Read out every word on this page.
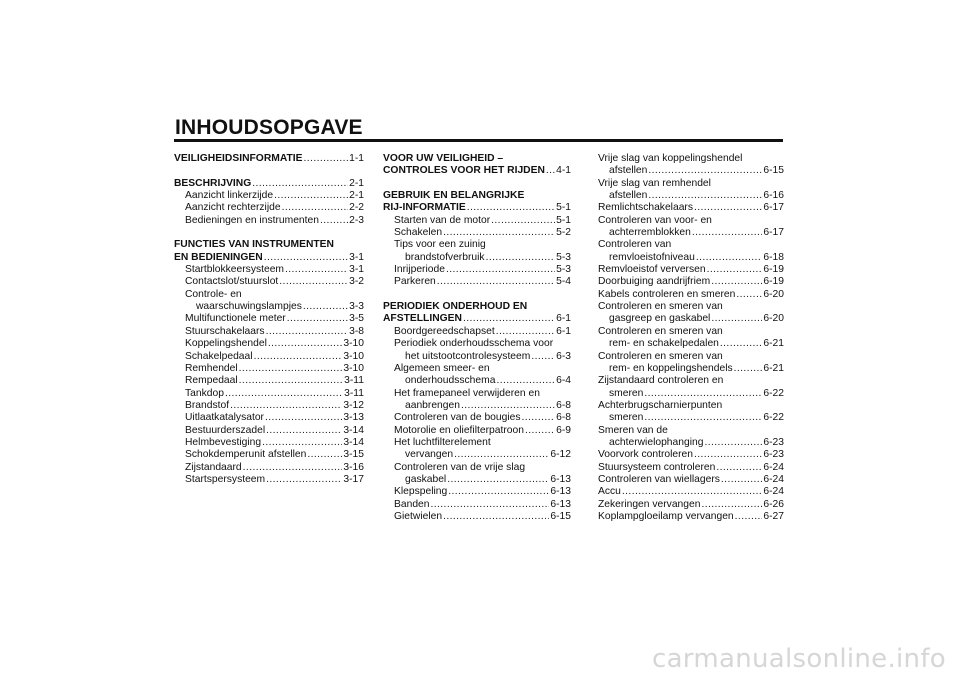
INHOUDSOPGAVE
VEILIGHEIDSINFORMATIE .....	1-1
BESCHRIJVING .....	2-1
Aanzicht linkerzijde .....	2-1
Aanzicht rechterzijde .....	2-2
Bedieningen en instrumenten .....	2-3
FUNCTIES VAN INSTRUMENTEN
EN BEDIENINGEN .....	3-1
Startblokkeersysteem .....	3-1
Contactslot/stuurslot .....	3-2
Controle- en
waarschuwingslampjes .....	3-3
Multifunctionele meter .....	3-5
Stuurschakelaars .....	3-8
Koppelingshendel .....	3-10
Schakelpedaal .....	3-10
Remhendel .....	3-10
Rempedaal .....	3-11
Tankdop .....	3-11
Brandstof .....	3-12
Uitlaatkatalysator .....	3-13
Bestuurderszadel .....	3-14
Helmbevestiging .....	3-14
Schokdemperunit afstellen .....	3-15
Zijstandaard .....	3-16
Startspersysteem .....	3-17
VOOR UW VEILIGHEID –
CONTROLES VOOR HET RIJDEN ..... 4-1
GEBRUIK EN BELANGRIJKE
RIJ-INFORMATIE .....	5-1
Starten van de motor .....	5-1
Schakelen .....	5-2
Tips voor een zuinig
brandstofverbruik .....	5-3
Inrijperiode .....	5-3
Parkeren .....	5-4
PERIODIEK ONDERHOUD EN
AFSTELLINGEN .....	6-1
Boordgereedschapset .....	6-1
Periodiek onderhoudsschema voor
het uitstootcontrolesysteem .....	6-3
Algemeen smeer- en
onderhoudsschema .....	6-4
Het framepaneel verwijderen en
aanbrengen .....	6-8
Controleren van de bougies .....	6-8
Motorolie en oliefilterpatroon .....	6-9
Het luchtfilterelement
vervangen .....	6-12
Controleren van de vrije slag
gaskabel .....	6-13
Klepspeling .....	6-13
Banden .....	6-13
Gietwielen .....	6-15
Vrije slag van koppelingshendel
afstellen .....	6-15
Vrije slag van remhendel
afstellen .....	6-16
Remlichtschakelaars .....	6-17
Controleren van voor- en
achterremblokken .....	6-17
Controleren van
remvloeistofniveau .....	6-18
Remvloeistof verversen .....	6-19
Doorbuiging aandrijfriem .....	6-19
Kabels controleren en smeren .....	6-20
Controleren en smeren van
gasgreep en gaskabel .....	6-20
Controleren en smeren van
rem- en schakelpedalen .....	6-21
Controleren en smeren van
rem- en koppelingshendels .....	6-21
Zijstandaard controleren en
smeren .....	6-22
Achterbrugscharnierpunten
smeren .....	6-22
Smeren van de
achterwielophanging .....	6-23
Voorvork controleren .....	6-23
Stuursysteem controleren .....	6-24
Controleren van wiellagers .....	6-24
Accu .....	6-24
Zekeringen vervangen .....	6-26
Koplampgloeilamp vervangen .....	6-27
carmanualsonline.info
